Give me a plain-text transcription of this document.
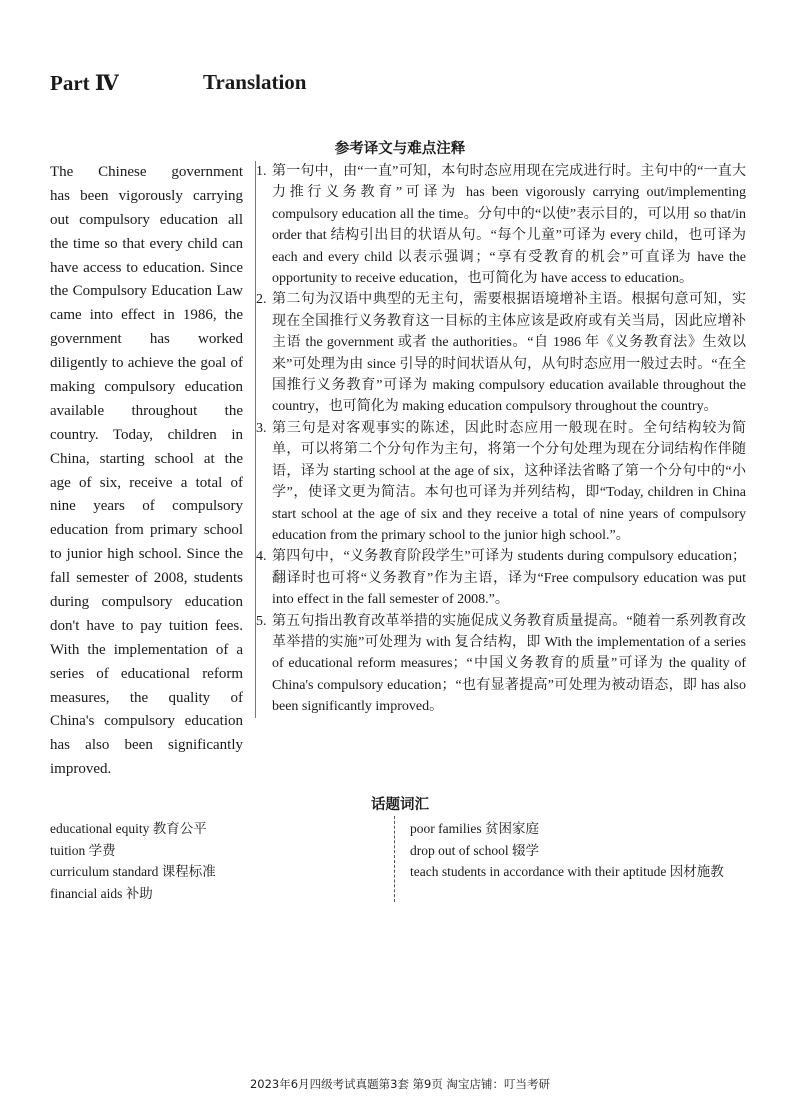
Part Ⅳ	Translation
参考译文与难点注释
The Chinese government
has been vigorously carrying
out compulsory education all
the time so that every child can
have access to education. Since
the Compulsory Education Law
came into effect in 1986, the
government has worked
diligently to achieve the goal of
making compulsory education
available throughout the
country. Today, children in
China, starting school at the
age of six, receive a total of
nine years of compulsory
education from primary school
to junior high school. Since the
fall semester of 2008, students
during compulsory education
don't have to pay tuition fees.
With the implementation of a
series of educational reform
measures, the quality of
China's compulsory education
has also been significantly
improved.
1. 第一句中，由“一直”可知，本句时态应用现在完成进行时。主句中的“一直大力推行义务教育”可译为 has been vigorously carrying out/implementing compulsory education all the time。分句中的“以使”表示目的，可以用 so that/in order that 结构引出目的状语从句。“每个儿童”可译为 every child，也可译为 each and every child 以表示强调；“享有受教育的机会”可直译为 have the opportunity to receive education，也可简化为 have access to education。
2. 第二句为汉语中典型的无主句，需要根据语境增补主语。根据句意可知，实现在全国推行义务教育这一目标的主体应该是政府或有关当局，因此应增补主语 the government 或者 the authorities。“自 1986 年《义务教育法》生效以来”可处理为由 since 引导的时间状语从句，从句时态应用一般过去时。“在全国推行义务教育”可译为 making compulsory education available throughout the country，也可简化为 making education compulsory throughout the country。
3. 第三句是对客观事实的陈述，因此时态应用一般现在时。全句结构较为简单，可以将第二个分句作为主句，将第一个分句处理为现在分词结构作伴随语，译为 starting school at the age of six，这种译法省略了第一个分句中的“小学”，使译文更为简洁。本句也可译为并列结构，即“Today, children in China start school at the age of six and they receive a total of nine years of compulsory education from the primary school to the junior high school.”。
4. 第四句中，“义务教育阶段学生”可译为 students during compulsory education；翻译时也可将“义务教育”作为主语，译为“Free compulsory education was put into effect in the fall semester of 2008.”。
5. 第五句指出教育改革举措的实施促成义务教育质量提高。“随着一系列教育改革举措的实施”可处理为 with 复合结构，即 With the implementation of a series of educational reform measures；“中国义务教育的质量”可译为 the quality of China's compulsory education；“也有显著提高”可处理为被动语态，即 has also been significantly improved。
话题词汇
educational equity 教育公平
tuition 学费
curriculum standard 课程标准
financial aids 补助
poor families 贫困家庭
drop out of school 辍学
teach students in accordance with their aptitude 因材施教
2023年6月四级考试真题第3套 第9页 淘宝店铺：叮当考研
